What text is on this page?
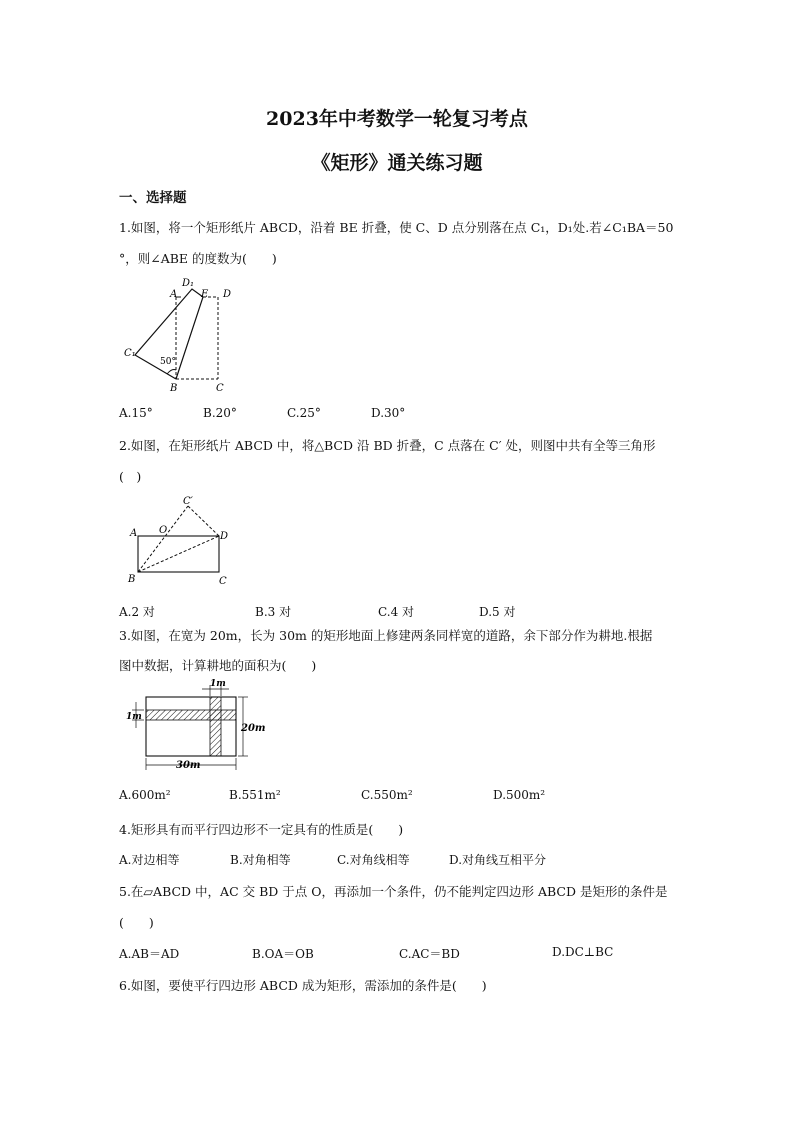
2023年中考数学一轮复习考点
《矩形》通关练习题
一、选择题
1.如图，将一个矩形纸片 ABCD，沿着 BE 折叠，使 C、D 点分别落在点 C₁，D₁处.若∠C₁BA＝50
°，则∠ABE 的度数为(　　)
A
D₁
E D
C₁
B	C
50°
A.15°	B.20°	C.25°	D.30°
2.如图，在矩形纸片 ABCD 中，将△BCD 沿 BD 折叠，C 点落在 C′ 处，则图中共有全等三角形
(　)
C′
A O
D
B	C
A.2 对	B.3 对	C.4 对	D.5 对
3.如图，在宽为 20m，长为 30m 的矩形地面上修建两条同样宽的道路，余下部分作为耕地.根据
图中数据，计算耕地的面积为(　　)
1m
1m
20m
30m
A.600m²	B.551m²	C.550m²	D.500m²
4.矩形具有而平行四边形不一定具有的性质是(　　)
A.对边相等	B.对角相等	C.对角线相等	D.对角线互相平分
5.在▱ABCD 中，AC 交 BD 于点 O，再添加一个条件，仍不能判定四边形 ABCD 是矩形的条件是
(　　)
A.AB＝AD	B.OA＝OB	C.AC＝BD	D.DC⊥BC
6.如图，要使平行四边形 ABCD 成为矩形，需添加的条件是(　　)
